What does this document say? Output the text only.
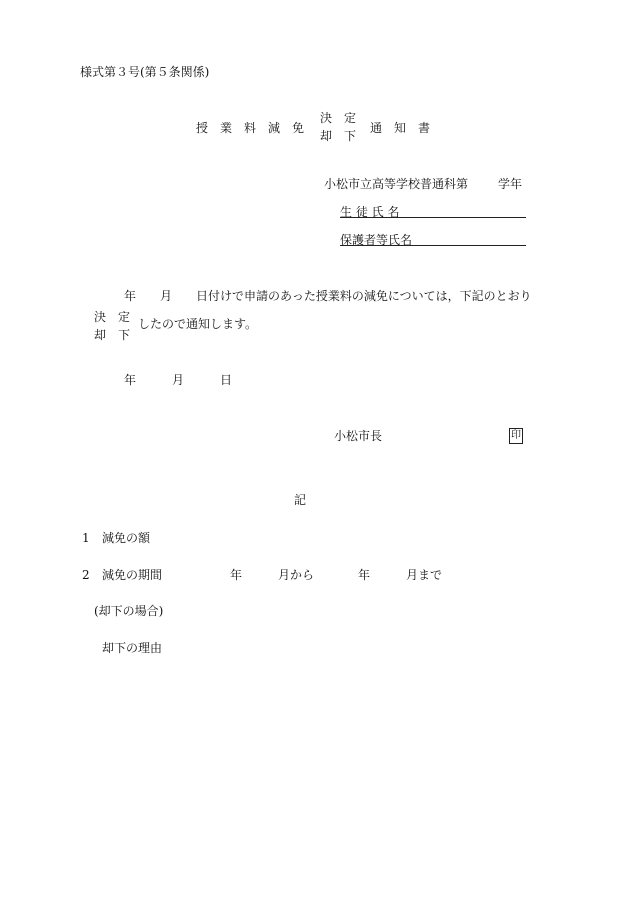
様式第３号(第５条関係)
授　業　料　減　免
決　定
却　下
通　知　書
小松市立高等学校普通科第 学年
生 徒 氏 名
保護者等氏名
年 月 日付けで申請のあった授業料の減免については，下記のとおり
決　定
却　下
したので通知します。
年	月	日
小松市長	印
記
1 減免の額
2 減免の期間	年	月から	年	月まで
(却下の場合)
却下の理由
